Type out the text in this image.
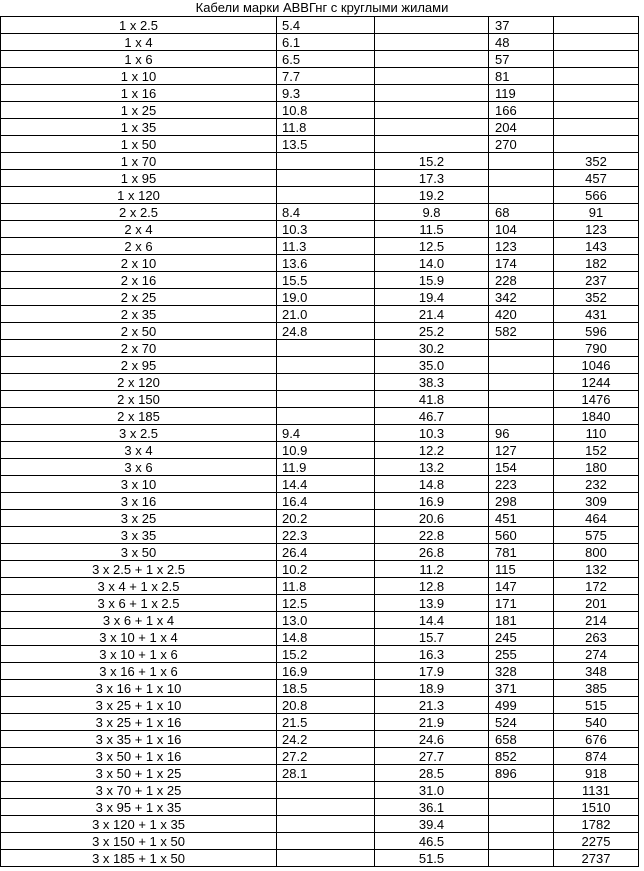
Кабели марки АВВГнг с круглыми жилами
1 x 2.5	5.4		37	
1 x 4	6.1		48	
1 x 6	6.5		57	
1 x 10	7.7		81	
1 x 16	9.3		119	
1 x 25	10.8		166	
1 x 35	11.8		204	
1 x 50	13.5		270	
1 x 70		15.2		352
1 x 95		17.3		457
1 x 120		19.2		566
2 x 2.5	8.4	9.8	68	91
2 x 4	10.3	11.5	104	123
2 x 6	11.3	12.5	123	143
2 x 10	13.6	14.0	174	182
2 x 16	15.5	15.9	228	237
2 x 25	19.0	19.4	342	352
2 x 35	21.0	21.4	420	431
2 x 50	24.8	25.2	582	596
2 x 70		30.2		790
2 x 95		35.0		1046
2 x 120		38.3		1244
2 x 150		41.8		1476
2 x 185		46.7		1840
3 x 2.5	9.4	10.3	96	110
3 x 4	10.9	12.2	127	152
3 x 6	11.9	13.2	154	180
3 x 10	14.4	14.8	223	232
3 x 16	16.4	16.9	298	309
3 x 25	20.2	20.6	451	464
3 x 35	22.3	22.8	560	575
3 x 50	26.4	26.8	781	800
3 x 2.5 + 1 x 2.5	10.2	11.2	115	132
3 x 4 + 1 x 2.5	11.8	12.8	147	172
3 x 6 + 1 x 2.5	12.5	13.9	171	201
3 x 6 + 1 x 4	13.0	14.4	181	214
3 x 10 + 1 x 4	14.8	15.7	245	263
3 x 10 + 1 x 6	15.2	16.3	255	274
3 x 16 + 1 x 6	16.9	17.9	328	348
3 x 16 + 1 x 10	18.5	18.9	371	385
3 x 25 + 1 x 10	20.8	21.3	499	515
3 x 25 + 1 x 16	21.5	21.9	524	540
3 x 35 + 1 x 16	24.2	24.6	658	676
3 x 50 + 1 x 16	27.2	27.7	852	874
3 x 50 + 1 x 25	28.1	28.5	896	918
3 x 70 + 1 x 25		31.0		1131
3 x 95 + 1 x 35		36.1		1510
3 x 120 + 1 x 35		39.4		1782
3 x 150 + 1 x 50		46.5		2275
3 x 185 + 1 x 50		51.5		2737
